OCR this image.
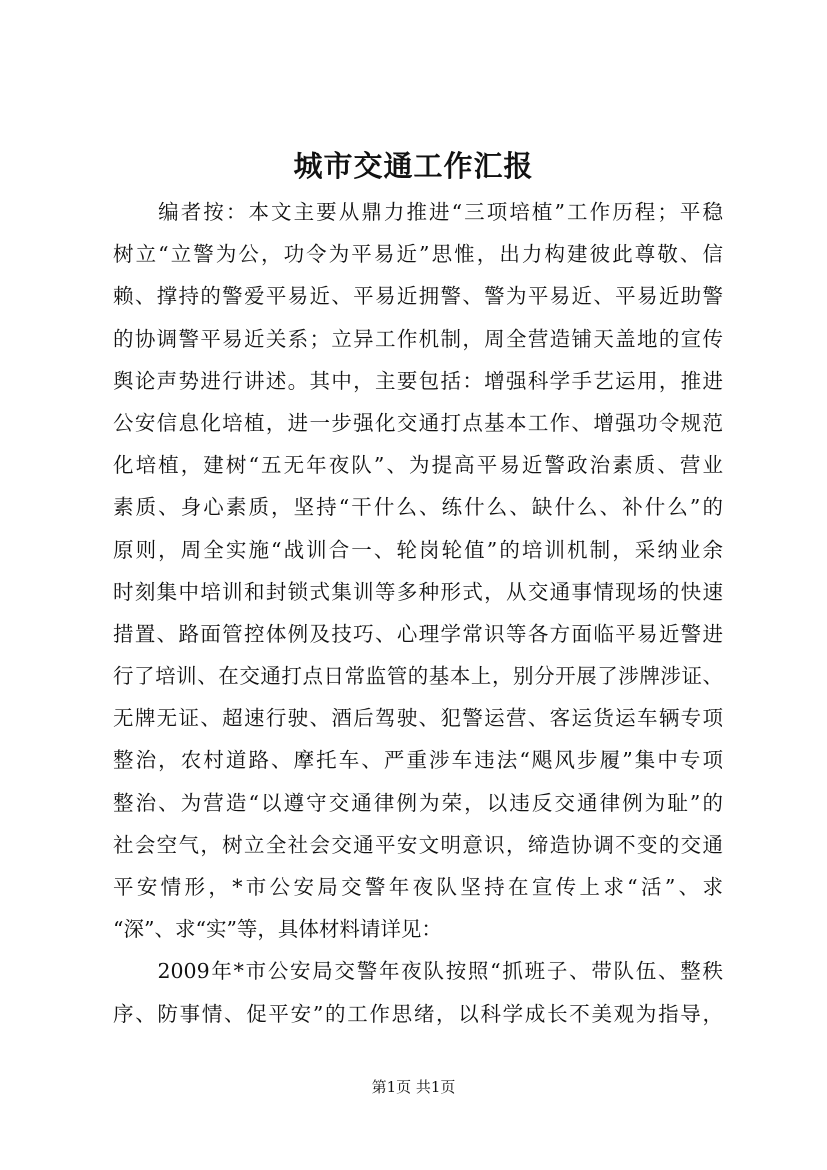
城市交通工作汇报
　　编者按：本文主要从鼎力推进“三项培植”工作历程；平稳
树立“立警为公，功令为平易近”思惟，出力构建彼此尊敬、信
赖、撑持的警爱平易近、平易近拥警、警为平易近、平易近助警
的协调警平易近关系；立异工作机制，周全营造铺天盖地的宣传
舆论声势进行讲述。其中，主要包括：增强科学手艺运用，推进
公安信息化培植，进一步强化交通打点基本工作、增强功令规范
化培植，建树“五无年夜队”、为提高平易近警政治素质、营业
素质、身心素质，坚持“干什么、练什么、缺什么、补什么”的
原则，周全实施“战训合一、轮岗轮值”的培训机制，采纳业余
时刻集中培训和封锁式集训等多种形式，从交通事情现场的快速
措置、路面管控体例及技巧、心理学常识等各方面临平易近警进
行了培训、在交通打点日常监管的基本上，别分开展了涉牌涉证、
无牌无证、超速行驶、酒后驾驶、犯警运营、客运货运车辆专项
整治，农村道路、摩托车、严重涉车违法“飓风步履”集中专项
整治、为营造“以遵守交通律例为荣，以违反交通律例为耻”的
社会空气，树立全社会交通平安文明意识，缔造协调不变的交通
平安情形，*市公安局交警年夜队坚持在宣传上求“活”、求
“深”、求“实”等，具体材料请详见：
　　2009年*市公安局交警年夜队按照“抓班子、带队伍、整秩
序、防事情、促平安”的工作思绪，以科学成长不美观为指导，
第1页 共1页
